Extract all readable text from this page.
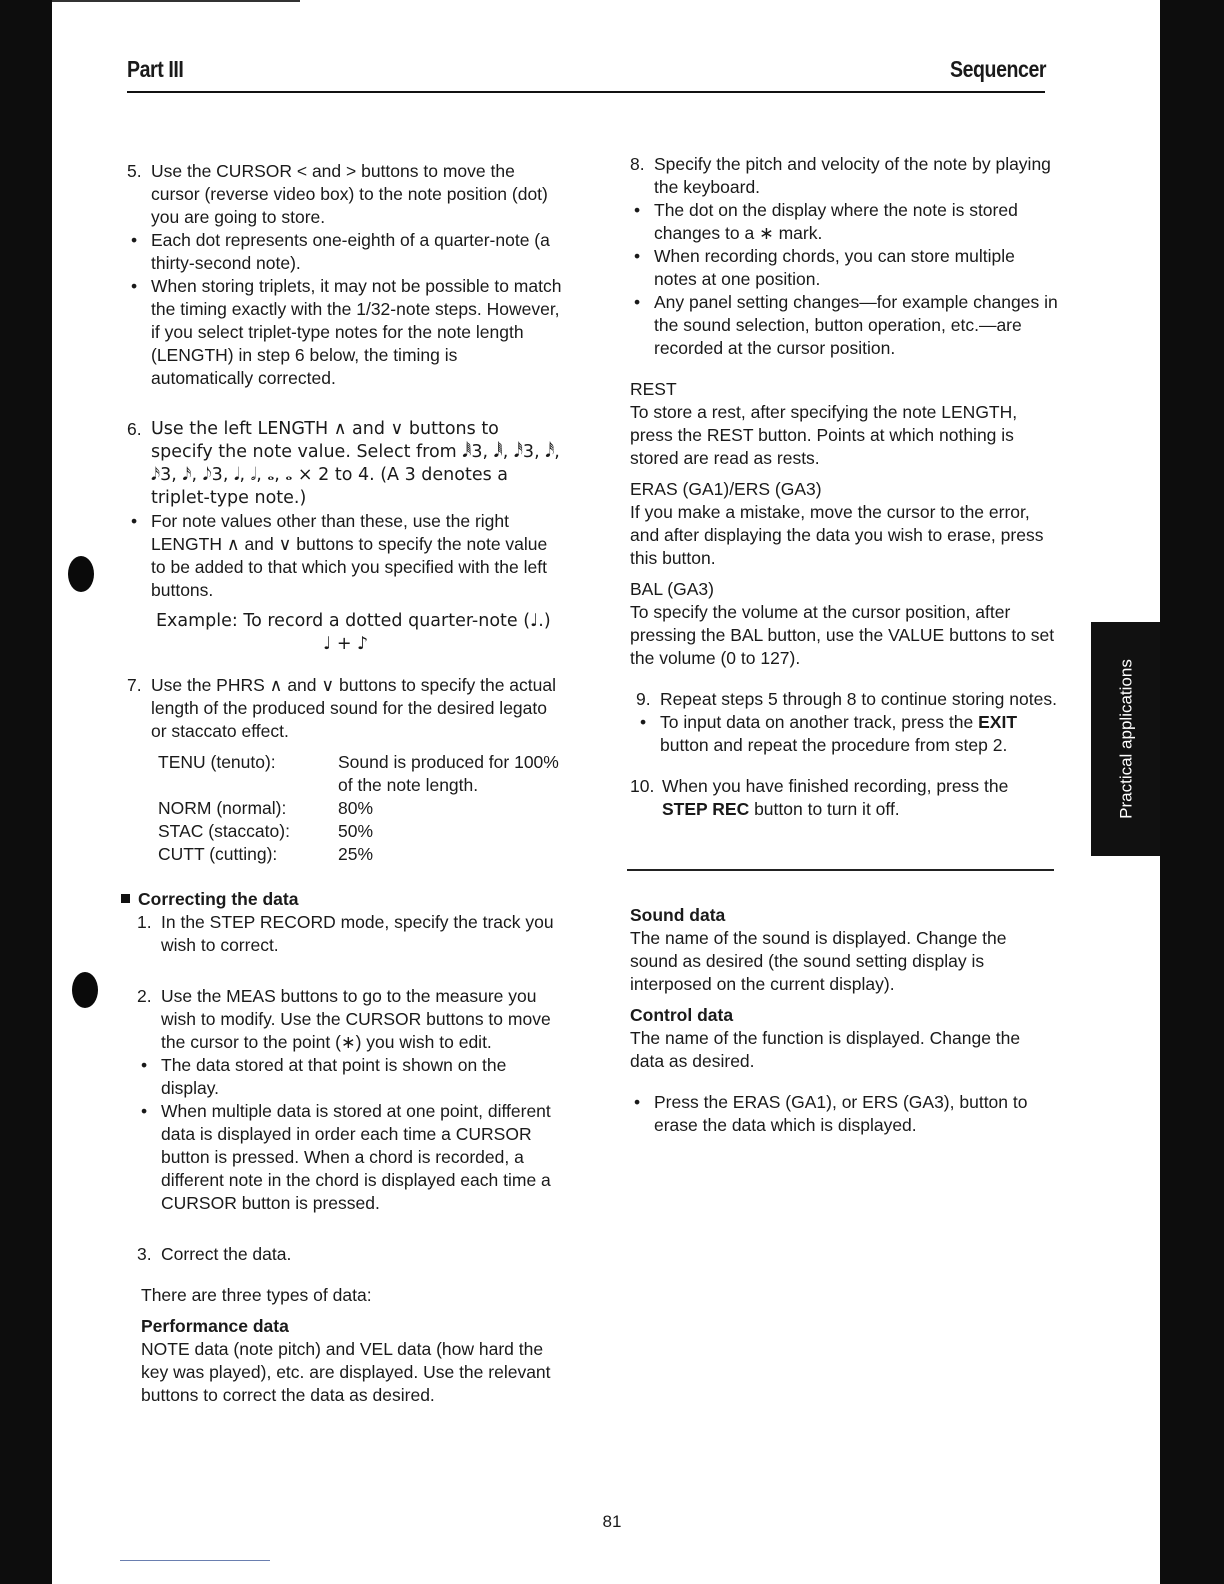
Part III	Sequencer
5. Use the CURSOR < and > buttons to move the cursor (reverse video box) to the note position (dot) you are going to store.
• Each dot represents one-eighth of a quarter-note (a thirty-second note).
• When storing triplets, it may not be possible to match the timing exactly with the 1/32-note steps. However, if you select triplet-type notes for the note length (LENGTH) in step 6 below, the timing is automatically corrected.
6. Use the left LENGTH ∧ and ∨ buttons to specify the note value. Select from 𝅘𝅥𝅱3, 𝅘𝅥𝅱, 𝅘𝅥𝅰3, 𝅘𝅥𝅰, 𝅘𝅥𝅯3, 𝅘𝅥𝅯, 𝅘𝅥𝅮3, 𝅘𝅥, 𝅗𝅥, 𝅝, 𝅝 × 2 to 4. (A 3 denotes a triplet-type note.)
• For note values other than these, use the right LENGTH ∧ and ∨ buttons to specify the note value to be added to that which you specified with the left buttons.
Example: To record a dotted quarter-note (♩.)
♩ + ♪
7. Use the PHRS ∧ and ∨ buttons to specify the actual length of the produced sound for the desired legato or staccato effect.
TENU (tenuto):	Sound is produced for 100% of the note length.
NORM (normal):	80%
STAC (staccato):	50%
CUTT (cutting):	25%
8. Specify the pitch and velocity of the note by playing the keyboard.
• The dot on the display where the note is stored changes to a ∗ mark.
• When recording chords, you can store multiple notes at one position.
• Any panel setting changes—for example changes in the sound selection, button operation, etc.—are recorded at the cursor position.
REST
To store a rest, after specifying the note LENGTH, press the REST button. Points at which nothing is stored are read as rests.
ERAS (GA1)/ERS (GA3)
If you make a mistake, move the cursor to the error, and after displaying the data you wish to erase, press this button.
BAL (GA3)
To specify the volume at the cursor position, after pressing the BAL button, use the VALUE buttons to set the volume (0 to 127).
9. Repeat steps 5 through 8 to continue storing notes.
• To input data on another track, press the EXIT button and repeat the procedure from step 2.
10. When you have finished recording, press the STEP REC button to turn it off.
Correcting the data
1. In the STEP RECORD mode, specify the track you wish to correct.
2. Use the MEAS buttons to go to the measure you wish to modify. Use the CURSOR buttons to move the cursor to the point (∗) you wish to edit.
• The data stored at that point is shown on the display.
• When multiple data is stored at one point, different data is displayed in order each time a CURSOR button is pressed. When a chord is recorded, a different note in the chord is displayed each time a CURSOR button is pressed.
3. Correct the data.
There are three types of data:
Performance data
NOTE data (note pitch) and VEL data (how hard the key was played), etc. are displayed. Use the relevant buttons to correct the data as desired.
Sound data
The name of the sound is displayed. Change the sound as desired (the sound setting display is interposed on the current display).
Control data
The name of the function is displayed. Change the data as desired.
• Press the ERAS (GA1), or ERS (GA3), button to erase the data which is displayed.
Practical applications
81
